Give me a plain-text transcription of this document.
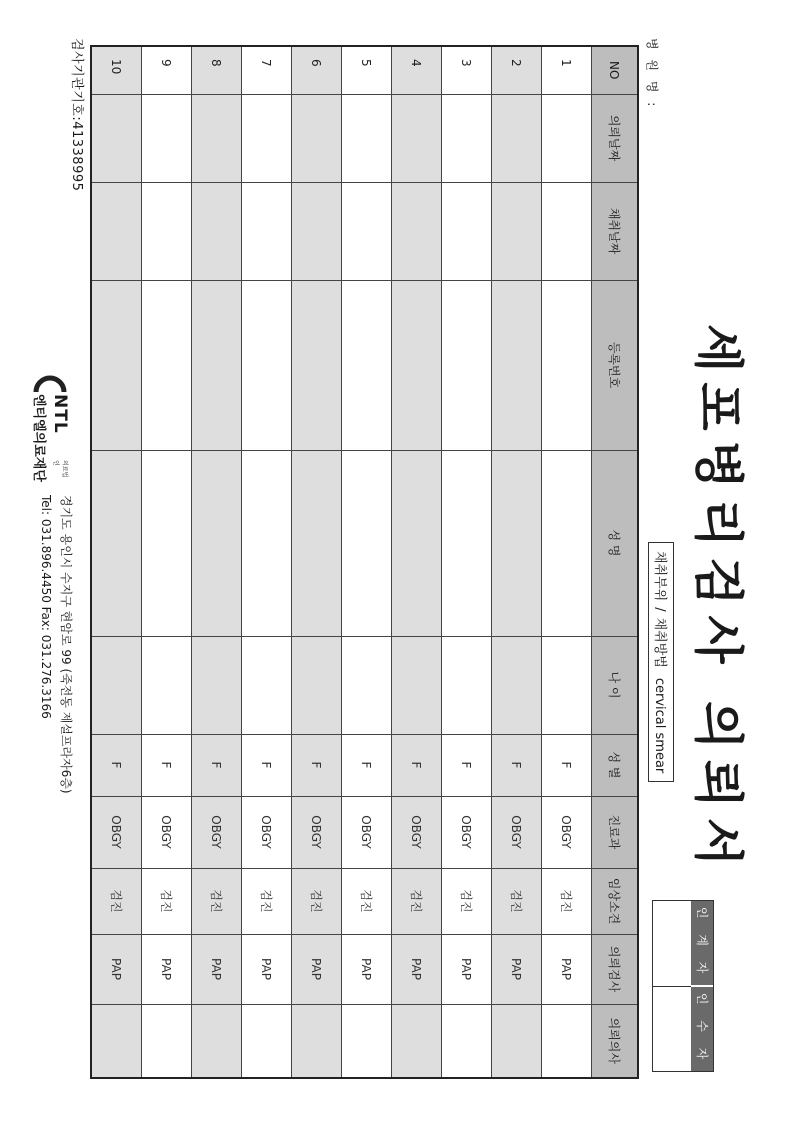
세포병리검사 의뢰서
병 원 명 :
채취부위/채취방법cervical smear
인 계 자
인 수 자
NO	의뢰날짜	채취날짜	등록번호	성 명	나 이	성 별	진료과	임상소견	의뢰검사	의뢰의사
1						F	OBGY	검진	PAP	
2						F	OBGY	검진	PAP	
3						F	OBGY	검진	PAP	
4						F	OBGY	검진	PAP	
5						F	OBGY	검진	PAP	
6						F	OBGY	검진	PAP	
7						F	OBGY	검진	PAP	
8						F	OBGY	검진	PAP	
9						F	OBGY	검진	PAP	
10						F	OBGY	검진	PAP	
검사기관기호:41338995
의료법인
NTL
엔티엘의료재단
경기도 용인시 수지구 현암로 99 (죽전동 제설프라자6층)
Tel: 031.896.4450 Fax: 031.276.3166
